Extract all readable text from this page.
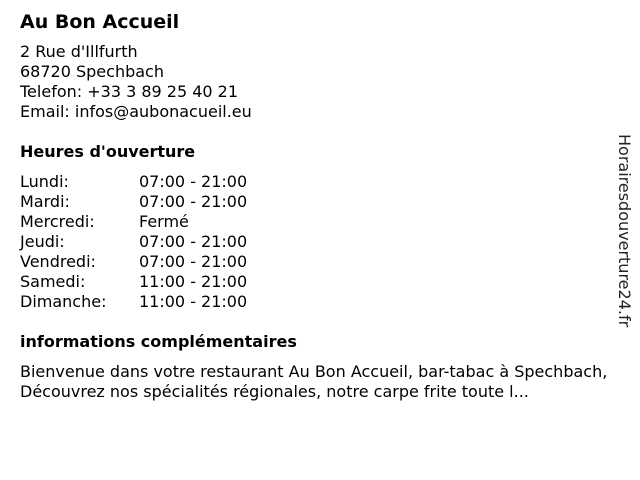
Au Bon Accueil
2 Rue d'Illfurth
68720 Spechbach
Telefon: +33 3 89 25 40 21
Email: infos@aubonacueil.eu
Heures d'ouverture
Lundi:	07:00 - 21:00
Mardi:	07:00 - 21:00
Mercredi:	Fermé
Jeudi:	07:00 - 21:00
Vendredi:	07:00 - 21:00
Samedi:	11:00 - 21:00
Dimanche:	11:00 - 21:00
informations complémentaires
Bienvenue dans votre restaurant Au Bon Accueil, bar-tabac à Spechbach, Découvrez nos spécialités régionales, notre carpe frite toute l...
Horairesdouverture24.fr
